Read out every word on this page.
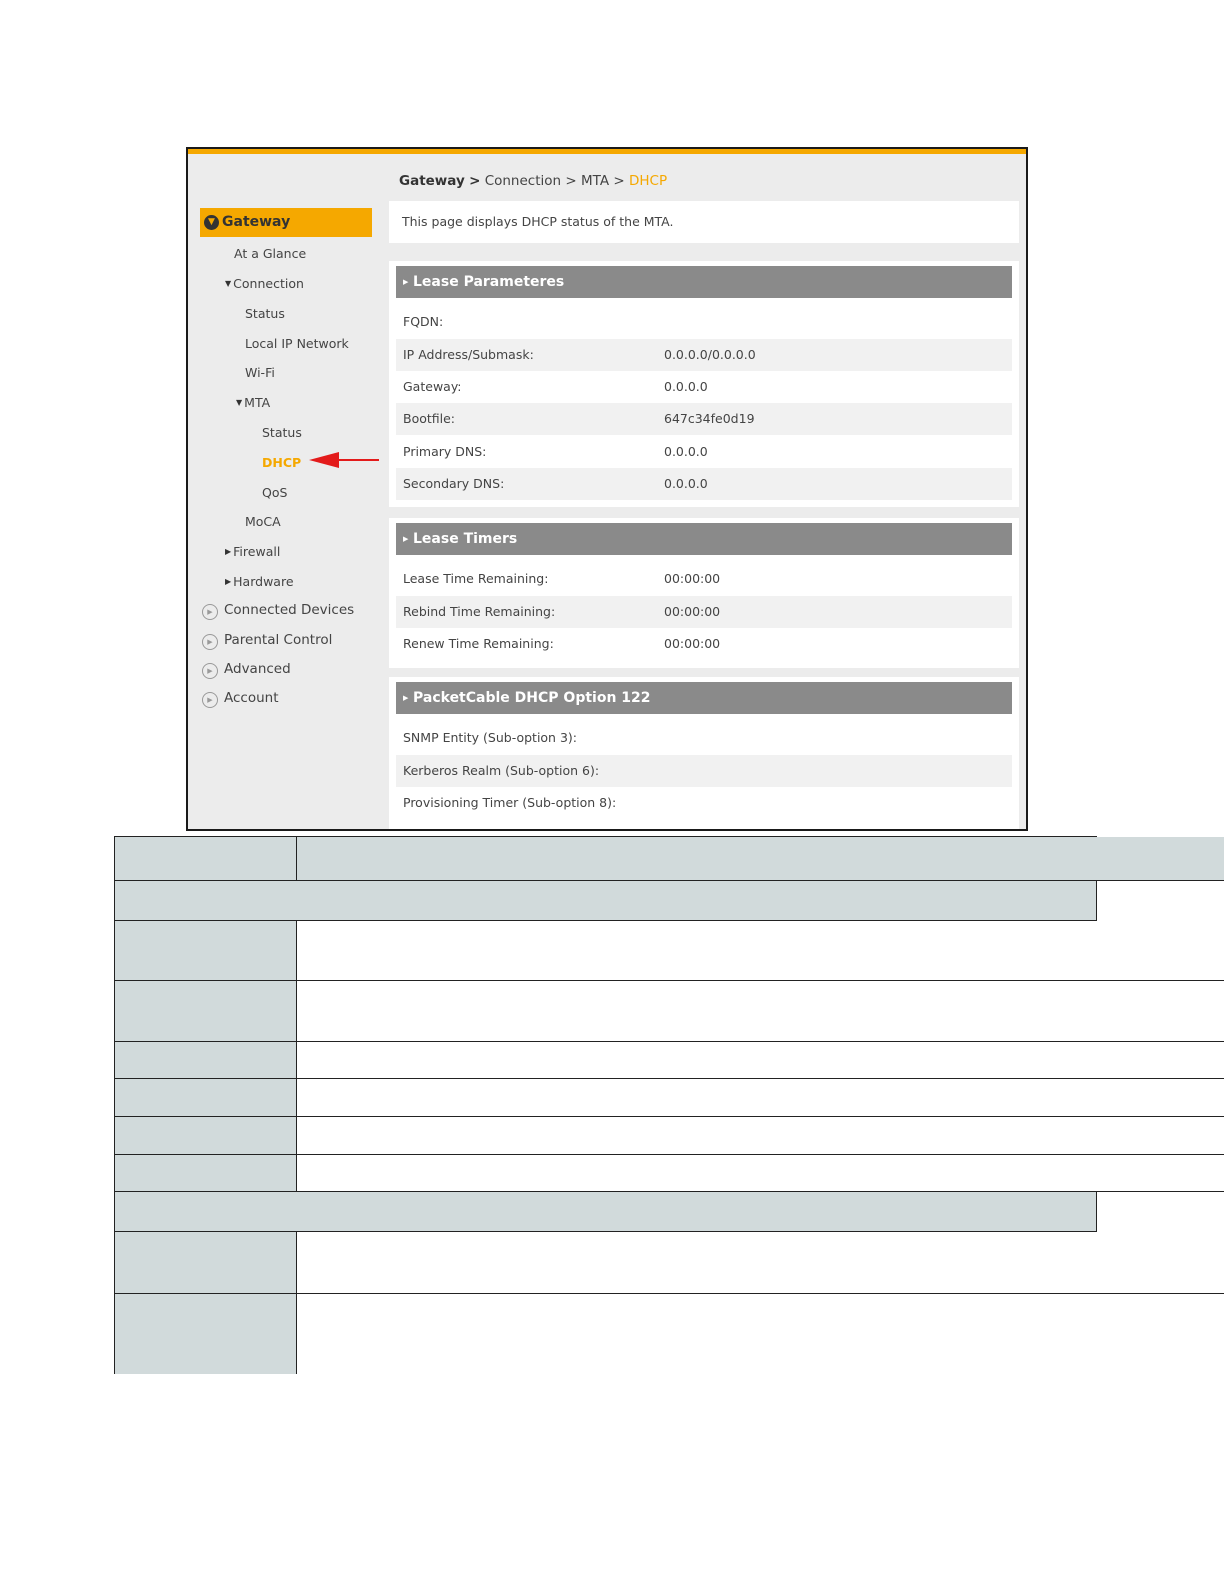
Gateway > Connection > MTA > DHCP
▼ Gateway
At a Glance
▼ Connection
Status
Local IP Network
Wi-Fi
▼ MTA
Status
DHCP
QoS
MoCA
▶ Firewall
▶ Hardware
▶ Connected Devices
▶ Parental Control
▶ Advanced
▶ Account
This page displays DHCP status of the MTA.
▶ Lease Parameteres
FQDN:
IP Address/Submask:	0.0.0.0/0.0.0.0
Gateway:	0.0.0.0
Bootfile:	647c34fe0d19
Primary DNS:	0.0.0.0
Secondary DNS:	0.0.0.0
▶ Lease Timers
Lease Time Remaining:	00:00:00
Rebind Time Remaining:	00:00:00
Renew Time Remaining:	00:00:00
▶ PacketCable DHCP Option 122
SNMP Entity (Sub-option 3):
Kerberos Realm (Sub-option 6):
Provisioning Timer (Sub-option 8):
